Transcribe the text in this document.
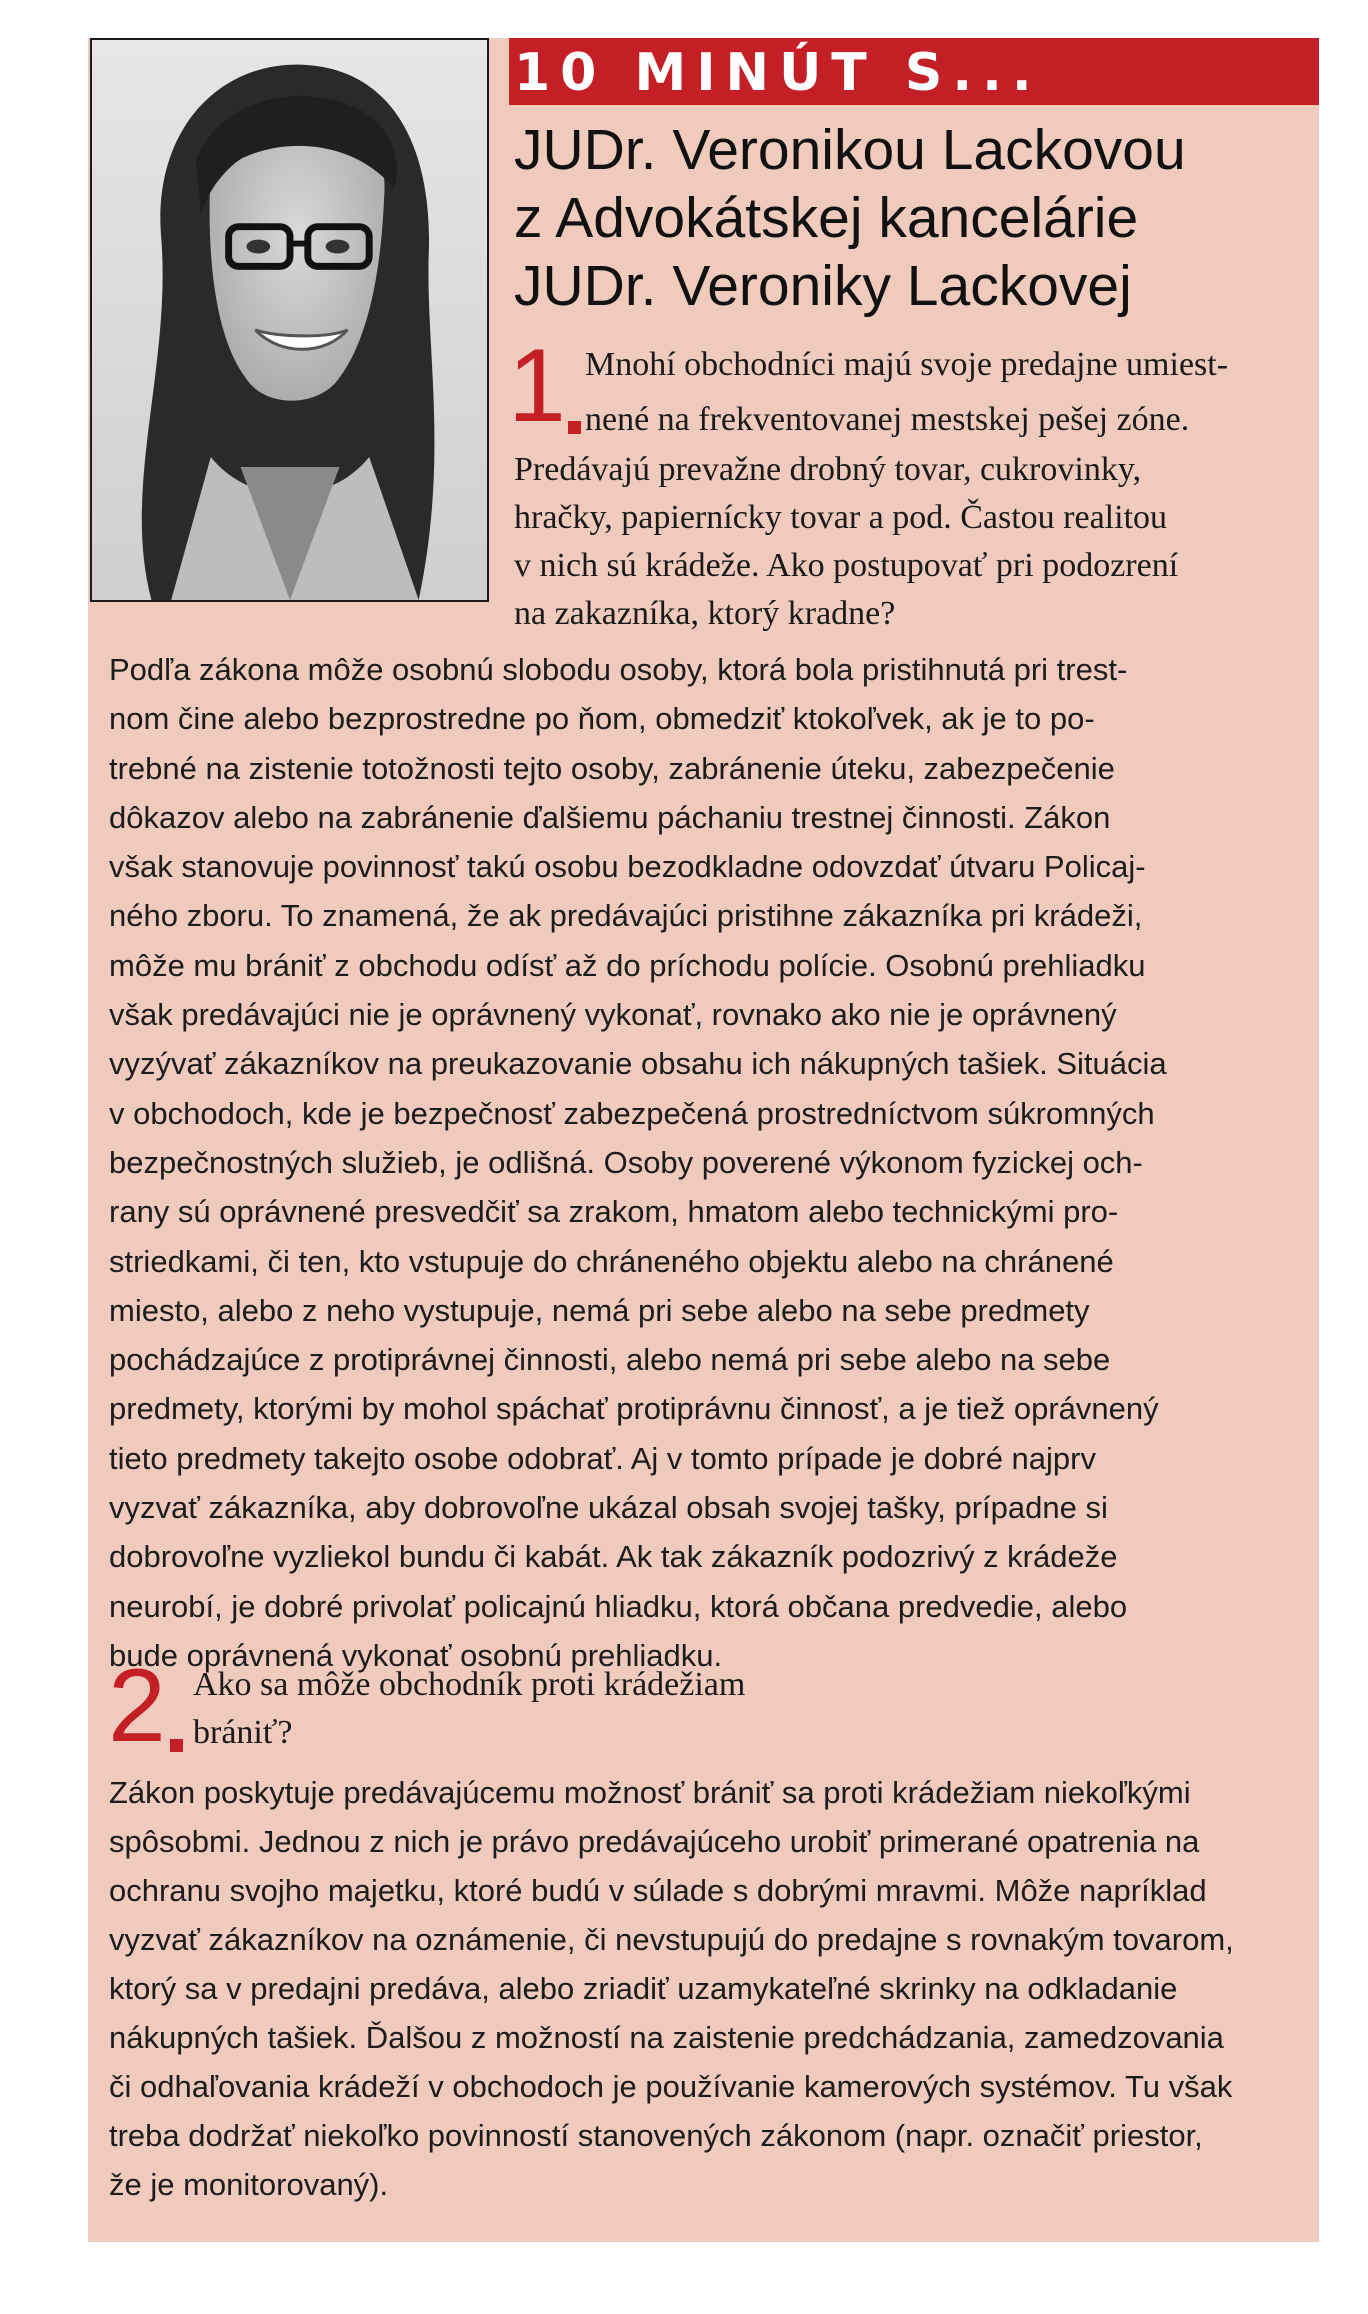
10 MINÚT S...
JUDr. Veronikou Lackovou
z Advokátskej kancelárie
JUDr. Veroniky Lackovej
1 Mnohí obchodníci majú svoje predajne umiest-
nené na frekventovanej mestskej pešej zóne.
Predávajú prevažne drobný tovar, cukrovinky,
hračky, papiernícky tovar a pod. Častou realitou
v nich sú krádeže. Ako postupovať pri podozrení
na zakazníka, ktorý kradne?
Podľa zákona môže osobnú slobodu osoby, ktorá bola pristihnutá pri trest-
nom čine alebo bezprostredne po ňom, obmedziť ktokoľvek, ak je to po-
trebné na zistenie totožnosti tejto osoby, zabránenie úteku, zabezpečenie
dôkazov alebo na zabránenie ďalšiemu páchaniu trestnej činnosti. Zákon
však stanovuje povinnosť takú osobu bezodkladne odovzdať útvaru Policaj-
ného zboru. To znamená, že ak predávajúci pristihne zákazníka pri krádeži,
môže mu brániť z obchodu odísť až do príchodu polície. Osobnú prehliadku
však predávajúci nie je oprávnený vykonať, rovnako ako nie je oprávnený
vyzývať zákazníkov na preukazovanie obsahu ich nákupných tašiek. Situácia
v obchodoch, kde je bezpečnosť zabezpečená prostredníctvom súkromných
bezpečnostných služieb, je odlišná. Osoby poverené výkonom fyzickej och-
rany sú oprávnené presvedčiť sa zrakom, hmatom alebo technickými pro-
striedkami, či ten, kto vstupuje do chráneného objektu alebo na chránené
miesto, alebo z neho vystupuje, nemá pri sebe alebo na sebe predmety
pochádzajúce z protiprávnej činnosti, alebo nemá pri sebe alebo na sebe
predmety, ktorými by mohol spáchať protiprávnu činnosť, a je tiež oprávnený
tieto predmety takejto osobe odobrať. Aj v tomto prípade je dobré najprv
vyzvať zákazníka, aby dobrovoľne ukázal obsah svojej tašky, prípadne si
dobrovoľne vyzliekol bundu či kabát. Ak tak zákazník podozrivý z krádeže
neurobí, je dobré privolať policajnú hliadku, ktorá občana predvedie, alebo
bude oprávnená vykonať osobnú prehliadku.
2 Ako sa môže obchodník proti krádežiam
brániť?
Zákon poskytuje predávajúcemu možnosť brániť sa proti krádežiam niekoľkými
spôsobmi. Jednou z nich je právo predávajúceho urobiť primerané opatrenia na
ochranu svojho majetku, ktoré budú v súlade s dobrými mravmi. Môže napríklad
vyzvať zákazníkov na oznámenie, či nevstupujú do predajne s rovnakým tovarom,
ktorý sa v predajni predáva, alebo zriadiť uzamykateľné skrinky na odkladanie
nákupných tašiek. Ďalšou z možností na zaistenie predchádzania, zamedzovania
či odhaľovania krádeží v obchodoch je používanie kamerových systémov. Tu však
treba dodržať niekoľko povinností stanovených zákonom (napr. označiť priestor,
že je monitorovaný).
